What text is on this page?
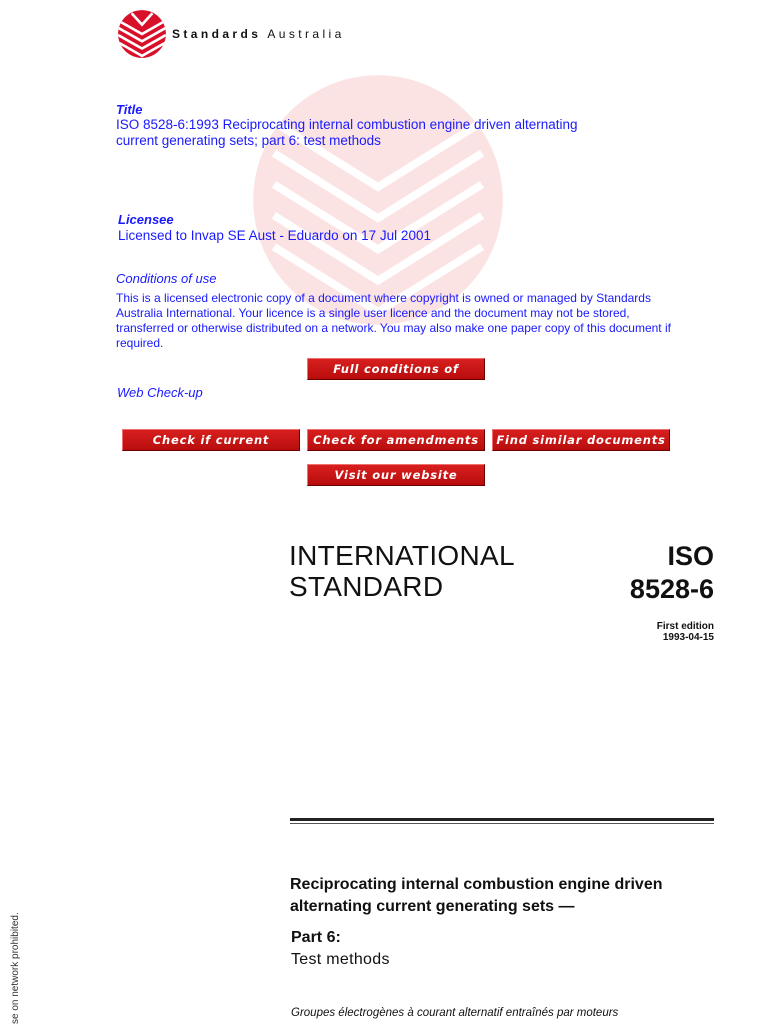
Standards Australia
Title
ISO 8528-6:1993 Reciprocating internal combustion engine driven alternating
current generating sets; part 6: test methods
Licensee
Licensed to Invap SE Aust - Eduardo on 17 Jul 2001
Conditions of use
This is a licensed electronic copy of a document where copyright is owned or managed by Standards Australia International. Your licence is a single user licence and the document may not be stored, transferred or otherwise distributed on a network. You may also make one paper copy of this document if required.
Full conditions of licence
Web Check-up
Check if current	Check for amendments	Find similar documents
Visit our website
INTERNATIONAL
STANDARD
ISO
8528-6
First edition
1993-04-15
Reciprocating internal combustion engine driven
alternating current generating sets —
Part 6:
Test methods
Groupes électrogènes à courant alternatif entraînés par moteurs
se on network prohibited.
